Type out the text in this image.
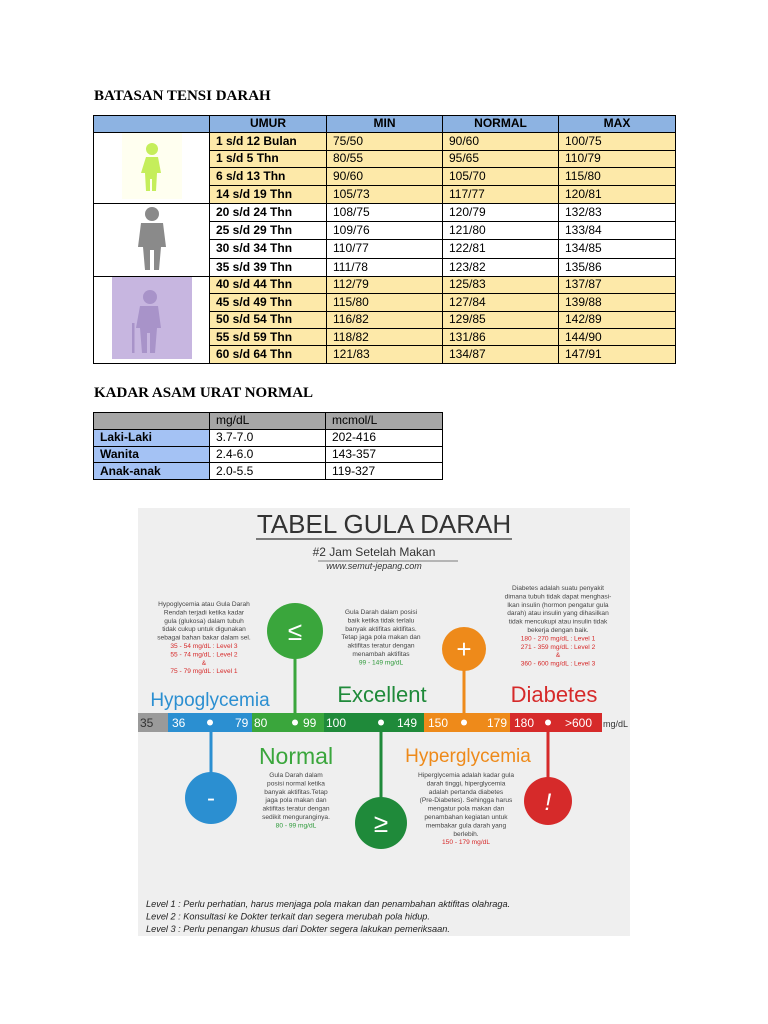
BATASAN TENSI DARAH
	UMUR	MIN	NORMAL	MAX
	1 s/d 12 Bulan	75/50	90/60	100/75
	1 s/d 5 Thn	80/55	95/65	110/79
	6 s/d 13 Thn	90/60	105/70	115/80
	14 s/d 19 Thn	105/73	117/77	120/81
	20 s/d 24 Thn	108/75	120/79	132/83
	25 s/d 29 Thn	109/76	121/80	133/84
	30 s/d 34 Thn	110/77	122/81	134/85
	35 s/d 39 Thn	111/78	123/82	135/86
	40 s/d 44 Thn	112/79	125/83	137/87
	45 s/d 49 Thn	115/80	127/84	139/88
	50 s/d 54 Thn	116/82	129/85	142/89
	55 s/d 59 Thn	118/82	131/86	144/90
	60 s/d 64 Thn	121/83	134/87	147/91
KADAR ASAM URAT NORMAL
	mg/dL	mcmol/L
Laki-Laki	3.7-7.0	202-416
Wanita	2.4-6.0	143-357
Anak-anak	2.0-5.5	119-327
TABEL GULA DARAH
#2 Jam Setelah Makan
www.semut-jepang.com
Hypoglycemia atau Gula Darah Rendah terjadi ketika kadar gula (glukosa) dalam tubuh tidak cukup untuk digunakan sebagai bahan bakar dalam sel. 35 - 54 mg/dL : Level 3 55 - 74 mg/dL : Level 2 & 75 - 79 mg/dL : Level 1
Gula Darah dalam posisi baik ketika tidak terlalu banyak aktifitas aktifitas. Tetap jaga pola makan dan aktifitas teratur dengan menambah aktifitas 99 - 149 mg/dL
Diabetes adalah suatu penyakit dimana tubuh tidak dapat menghasi-lkan insulin (hormon pengatur gula darah) atau insulin yang dihasilkan tidak mencukupi atau insulin tidak bekerja dengan baik. 180 - 270 mg/dL : Level 1 271 - 359 mg/dL : Level 2 & 360 - 600 mg/dL : Level 3
Gula Darah dalam posisi normal ketika banyak aktifitas.Tetap jaga pola makan dan aktifitas teratur dengan sedikit menguranginya. 80 - 99 mg/dL
Hiperglycemia adalah kadar gula darah tinggi, hiperglycemia adalah pertanda diabetes (Pre-Diabetes). Sehingga harus mengatur pola makan dan penambahan kegiatan untuk membakar gula darah yang berlebih. 150 - 179 mg/dL
≤
+
-
≥
!
Hypoglycemia	Excellent	Diabetes
Normal	Hyperglycemia
35 36	79 80	99 100	149 150	179 180	>600 mg/dL
Level 1 : Perlu perhatian, harus menjaga pola makan dan penambahan aktifitas olahraga.
Level 2 : Konsultasi ke Dokter terkait dan segera merubah pola hidup.
Level 3 : Perlu penangan khusus dari Dokter segera lakukan pemeriksaan.
